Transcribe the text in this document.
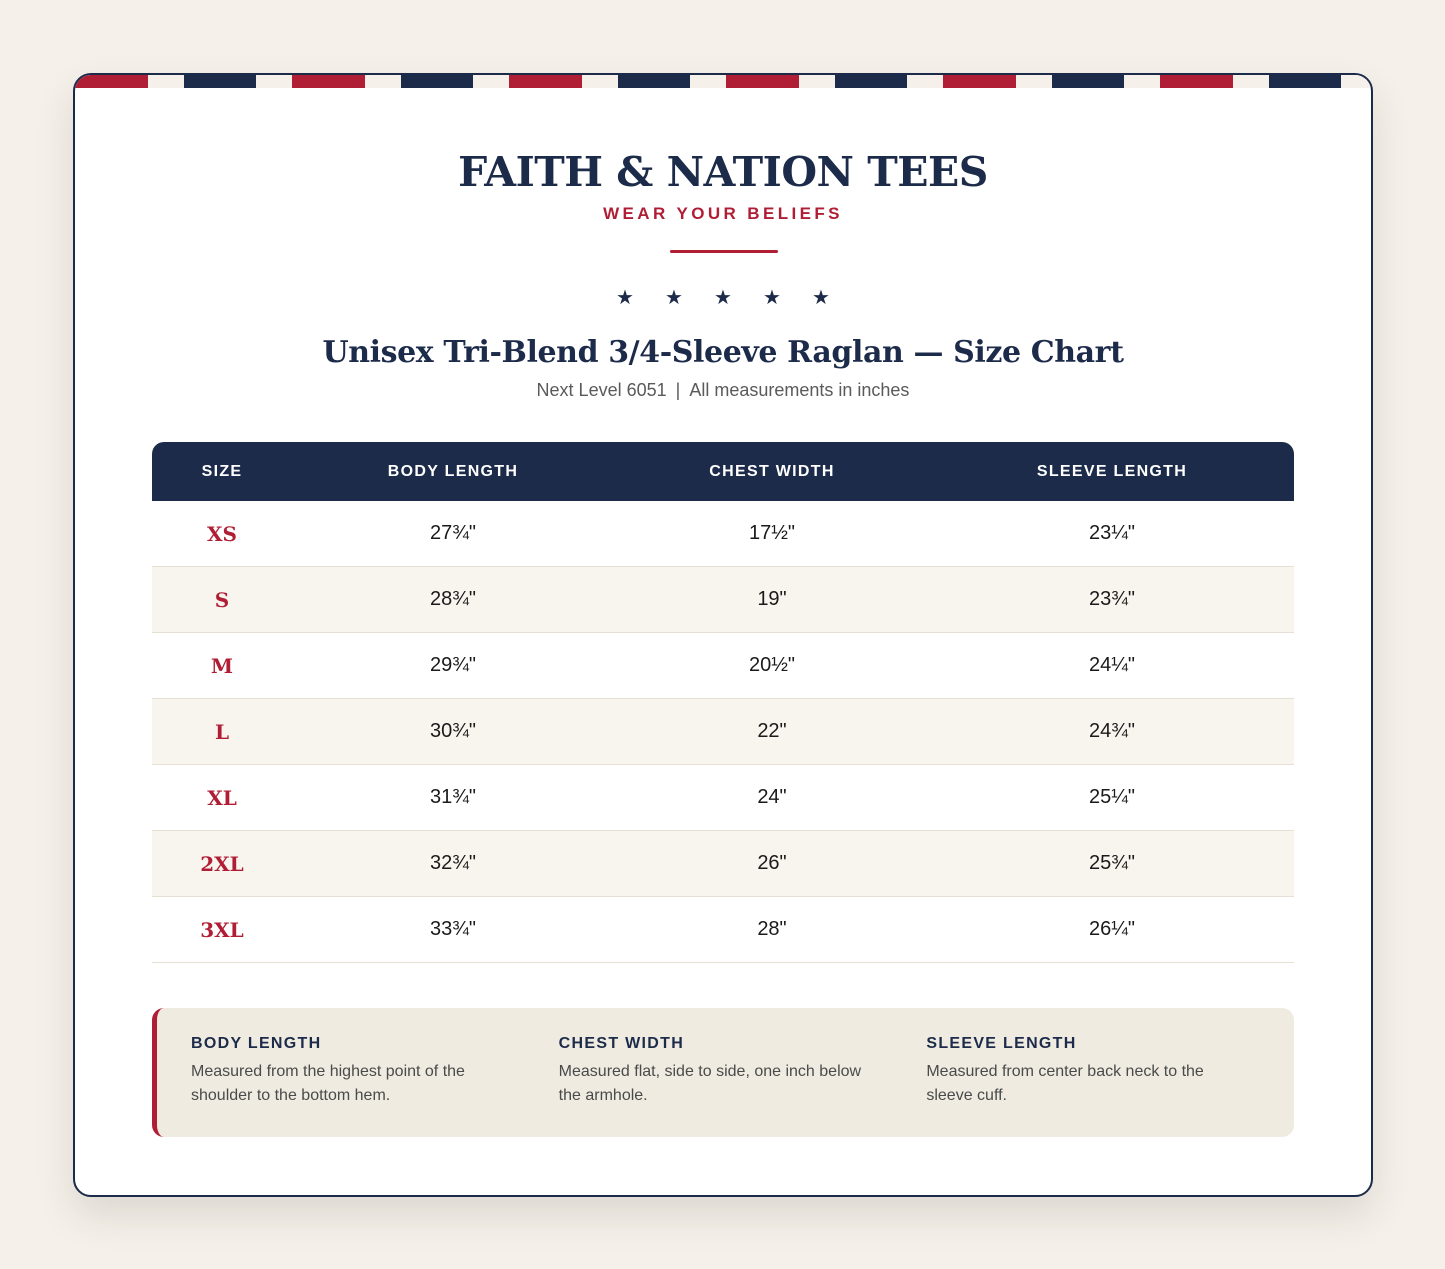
FAITH & NATION TEES
WEAR YOUR BELIEFS
★ ★ ★ ★ ★
Unisex Tri-Blend 3/4-Sleeve Raglan — Size Chart
Next Level 6051 | All measurements in inches
SIZE	BODY LENGTH	CHEST WIDTH	SLEEVE LENGTH
XS	27¾"	17½"	23¼"
S	28¾"	19"	23¾"
M	29¾"	20½"	24¼"
L	30¾"	22"	24¾"
XL	31¾"	24"	25¼"
2XL	32¾"	26"	25¾"
3XL	33¾"	28"	26¼"
BODY LENGTH
Measured from the highest point of the shoulder to the bottom hem.
CHEST WIDTH
Measured flat, side to side, one inch below the armhole.
SLEEVE LENGTH
Measured from center back neck to the sleeve cuff.
